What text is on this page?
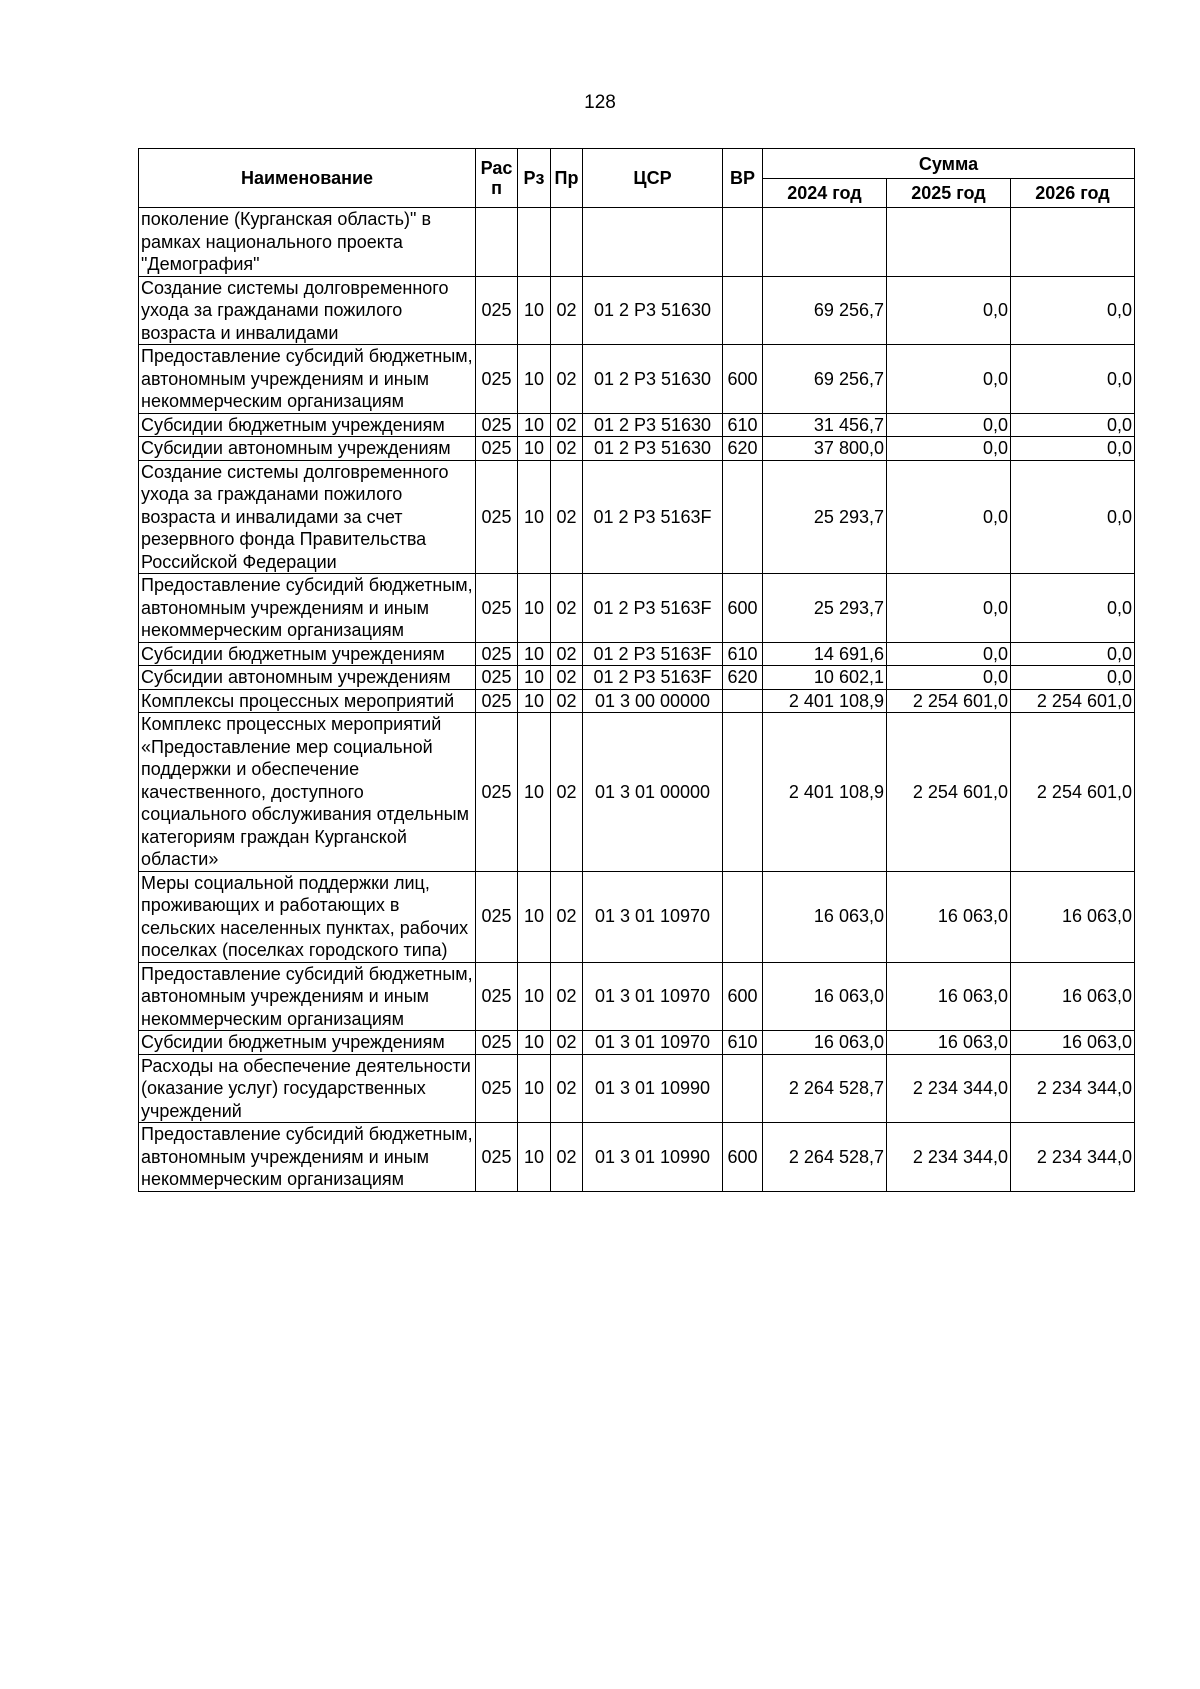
128
Наименование	Рас п	Рз	Пр	ЦСР	ВР	Сумма		
						2024 год	2025 год	2026 год
поколение (Курганская область)" в рамках национального проекта "Демография"								
Создание системы долговременного ухода за гражданами пожилого возраста и инвалидами	025	10	02	01 2 Р3 51630		69 256,7	0,0	0,0
Предоставление субсидий бюджетным, автономным учреждениям и иным некоммерческим организациям	025	10	02	01 2 Р3 51630	600	69 256,7	0,0	0,0
Субсидии бюджетным учреждениям	025	10	02	01 2 Р3 51630	610	31 456,7	0,0	0,0
Субсидии автономным учреждениям	025	10	02	01 2 Р3 51630	620	37 800,0	0,0	0,0
Создание системы долговременного ухода за гражданами пожилого возраста и инвалидами за счет резервного фонда Правительства Российской Федерации	025	10	02	01 2 Р3 5163F		25 293,7	0,0	0,0
Предоставление субсидий бюджетным, автономным учреждениям и иным некоммерческим организациям	025	10	02	01 2 Р3 5163F	600	25 293,7	0,0	0,0
Субсидии бюджетным учреждениям	025	10	02	01 2 Р3 5163F	610	14 691,6	0,0	0,0
Субсидии автономным учреждениям	025	10	02	01 2 Р3 5163F	620	10 602,1	0,0	0,0
Комплексы процессных мероприятий	025	10	02	01 3 00 00000		2 401 108,9	2 254 601,0	2 254 601,0
Комплекс процессных мероприятий «Предоставление мер социальной поддержки и обеспечение качественного, доступного социального обслуживания отдельным категориям граждан Курганской области»	025	10	02	01 3 01 00000		2 401 108,9	2 254 601,0	2 254 601,0
Меры социальной поддержки лиц, проживающих и работающих в сельских населенных пунктах, рабочих поселках (поселках городского типа)	025	10	02	01 3 01 10970		16 063,0	16 063,0	16 063,0
Предоставление субсидий бюджетным, автономным учреждениям и иным некоммерческим организациям	025	10	02	01 3 01 10970	600	16 063,0	16 063,0	16 063,0
Субсидии бюджетным учреждениям	025	10	02	01 3 01 10970	610	16 063,0	16 063,0	16 063,0
Расходы на обеспечение деятельности (оказание услуг) государственных учреждений	025	10	02	01 3 01 10990		2 264 528,7	2 234 344,0	2 234 344,0
Предоставление субсидий бюджетным, автономным учреждениям и иным некоммерческим организациям	025	10	02	01 3 01 10990	600	2 264 528,7	2 234 344,0	2 234 344,0
